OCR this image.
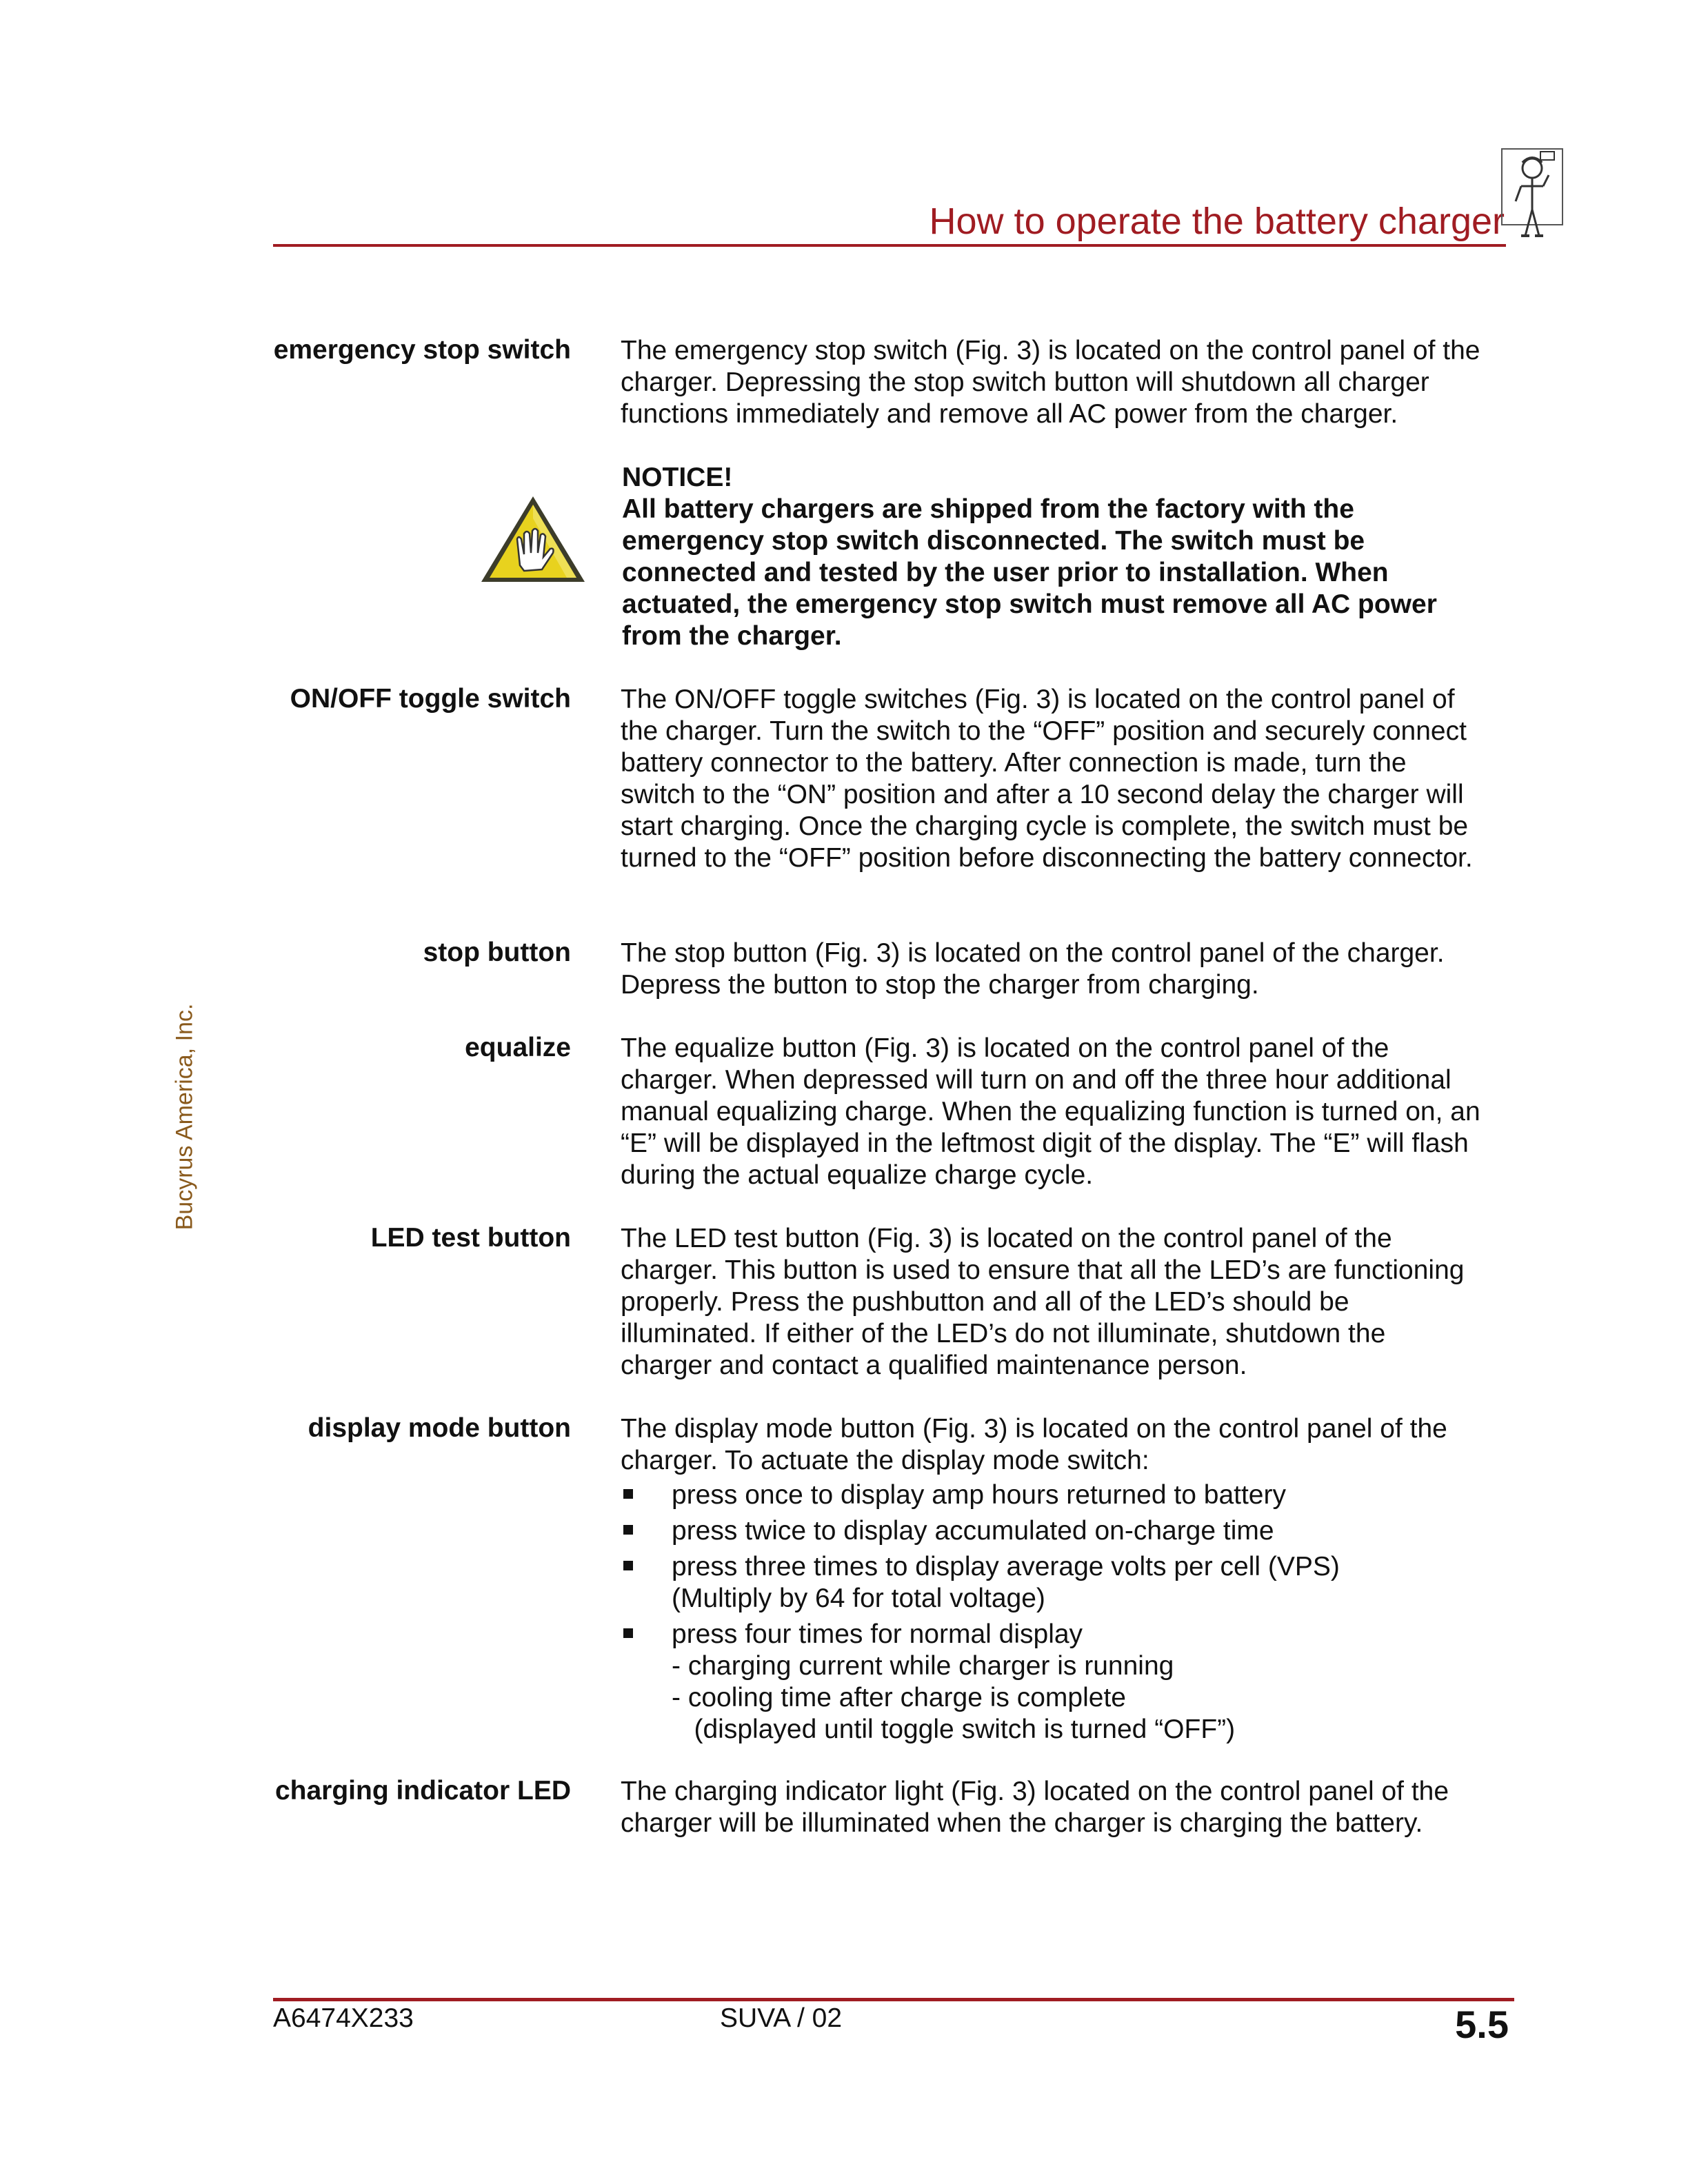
How to operate the battery charger
Bucyrus America, Inc.
emergency stop switch The emergency stop switch (Fig. 3) is located on the control panel of the
charger. Depressing the stop switch button will shutdown all charger
functions immediately and remove all AC power from the charger.
NOTICE!
All battery chargers are shipped from the factory with the emergency stop switch disconnected. The switch must be connected and tested by the user prior to installation. When actuated, the emergency stop switch must remove all AC power from the charger.
ON/OFF toggle switch The ON/OFF toggle switches (Fig. 3) is located on the control panel of
the charger. Turn the switch to the “OFF” position and securely connect
battery connector to the battery. After connection is made, turn the
switch to the “ON” position and after a 10 second delay the charger will
start charging. Once the charging cycle is complete, the switch must be
turned to the “OFF” position before disconnecting the battery connector.
stop button The stop button (Fig. 3) is located on the control panel of the charger.
Depress the button to stop the charger from charging.
equalize The equalize button (Fig. 3) is located on the control panel of the
charger. When depressed will turn on and off the three hour additional
manual equalizing charge. When the equalizing function is turned on, an
“E” will be displayed in the leftmost digit of the display. The “E” will flash
during the actual equalize charge cycle.
LED test button The LED test button (Fig. 3) is located on the control panel of the
charger. This button is used to ensure that all the LED’s are functioning
properly. Press the pushbutton and all of the LED’s should be
illuminated. If either of the LED’s do not illuminate, shutdown the
charger and contact a qualified maintenance person.
display mode button The display mode button (Fig. 3) is located on the control panel of the
charger. To actuate the display mode switch:
press once to display amp hours returned to battery
press twice to display accumulated on-charge time
press three times to display average volts per cell (VPS)
(Multiply by 64 for total voltage)
press four times for normal display
- charging current while charger is running
- cooling time after charge is complete
(displayed until toggle switch is turned “OFF”)
charging indicator LED The charging indicator light (Fig. 3) located on the control panel of the
charger will be illuminated when the charger is charging the battery.
A6474X233	SUVA / 02	5.5
